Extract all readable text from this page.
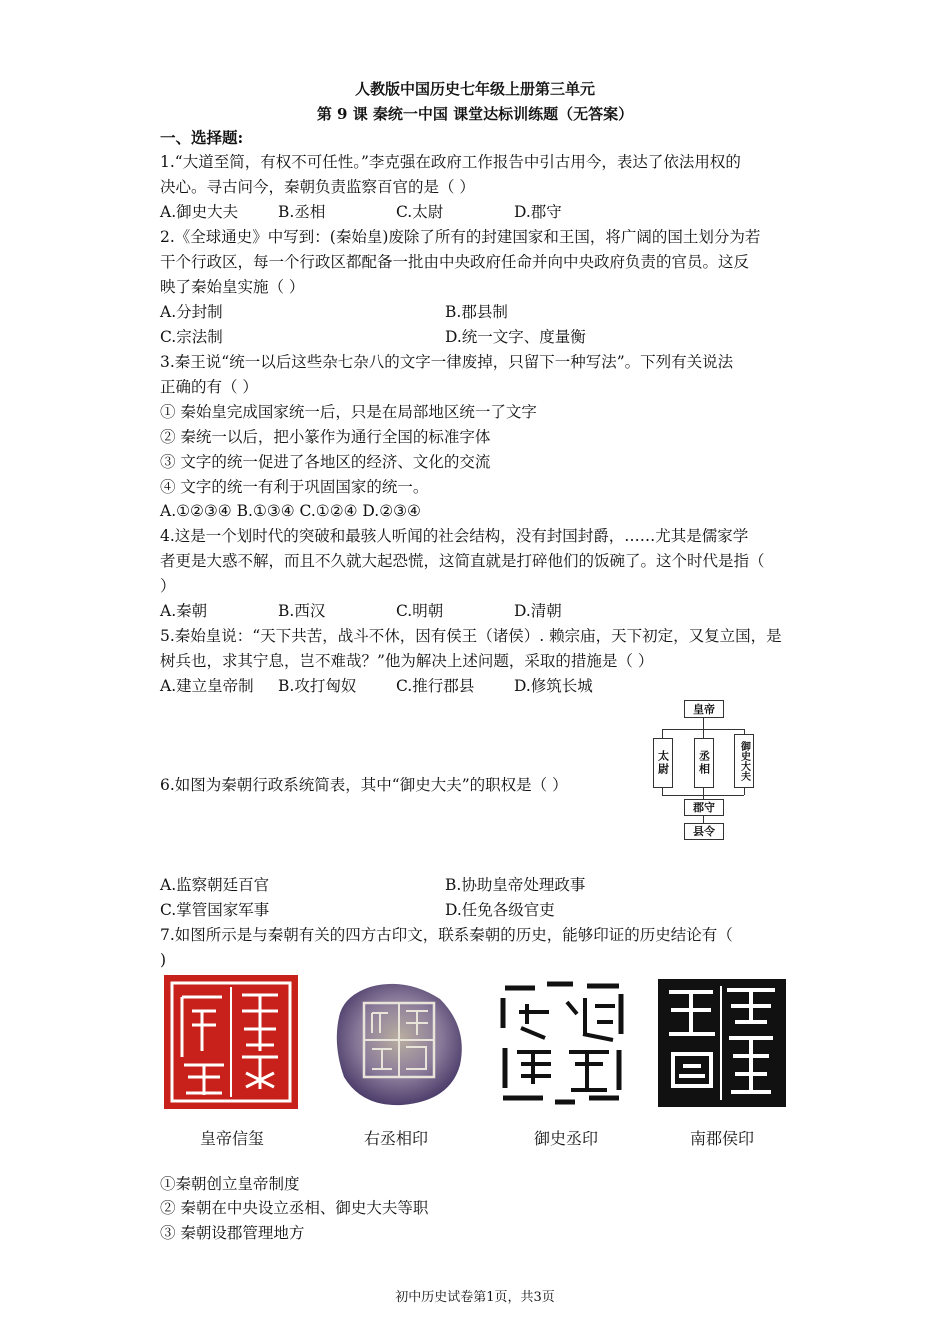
人教版中国历史七年级上册第三单元
第 9 课 秦统一中国 课堂达标训练题（无答案）
一、选择题:
1.“大道至简，有权不可任性。”李克强在政府工作报告中引古用今，表达了依法用权的
决心。寻古问今，秦朝负责监察百官的是（ ）
A.御史大夫	B.丞相	C.太尉	D.郡守
2.《全球通史》中写到：(秦始皇)废除了所有的封建国家和王国，将广阔的国土划分为若
干个行政区，每一个行政区都配备一批由中央政府任命并向中央政府负责的官员。这反
映了秦始皇实施（ ）
A.分封制	B.郡县制
C.宗法制	D.统一文字、度量衡
3.秦王说“统一以后这些杂七杂八的文字一律废掉，只留下一种写法”。下列有关说法
正确的有（ ）
① 秦始皇完成国家统一后，只是在局部地区统一了文字
② 秦统一以后，把小篆作为通行全国的标准字体
③ 文字的统一促进了各地区的经济、文化的交流
④ 文字的统一有利于巩固国家的统一。
A.①②③④ B.①③④ C.①②④ D.②③④
4.这是一个划时代的突破和最骇人听闻的社会结构，没有封国封爵，……尤其是儒家学
者更是大惑不解，而且不久就大起恐慌，这简直就是打碎他们的饭碗了。这个时代是指（
）
A.秦朝	B.西汉	C.明朝	D.清朝
5.秦始皇说：“天下共苦，战斗不休，因有侯王（诸侯）. 赖宗庙，天下初定，又复立国，是
树兵也，求其宁息，岂不难哉？”他为解决上述问题，采取的措施是（ ）
A.建立皇帝制 B.攻打匈奴	C.推行郡县	D.修筑长城
6.如图为秦朝行政系统简表，其中“御史大夫”的职权是（ ）
皇帝
太尉	丞相	御史大夫
郡守
县令
A.监察朝廷百官	B.协助皇帝处理政事
C.掌管国家军事	D.任免各级官吏
7.如图所示是与秦朝有关的四方古印文，联系秦朝的历史，能够印证的历史结论有（
)
皇帝信玺	右丞相印	御史丞印	南郡侯印
①秦朝创立皇帝制度
② 秦朝在中央设立丞相、御史大夫等职
③ 秦朝设郡管理地方
初中历史试卷第1页，共3页
